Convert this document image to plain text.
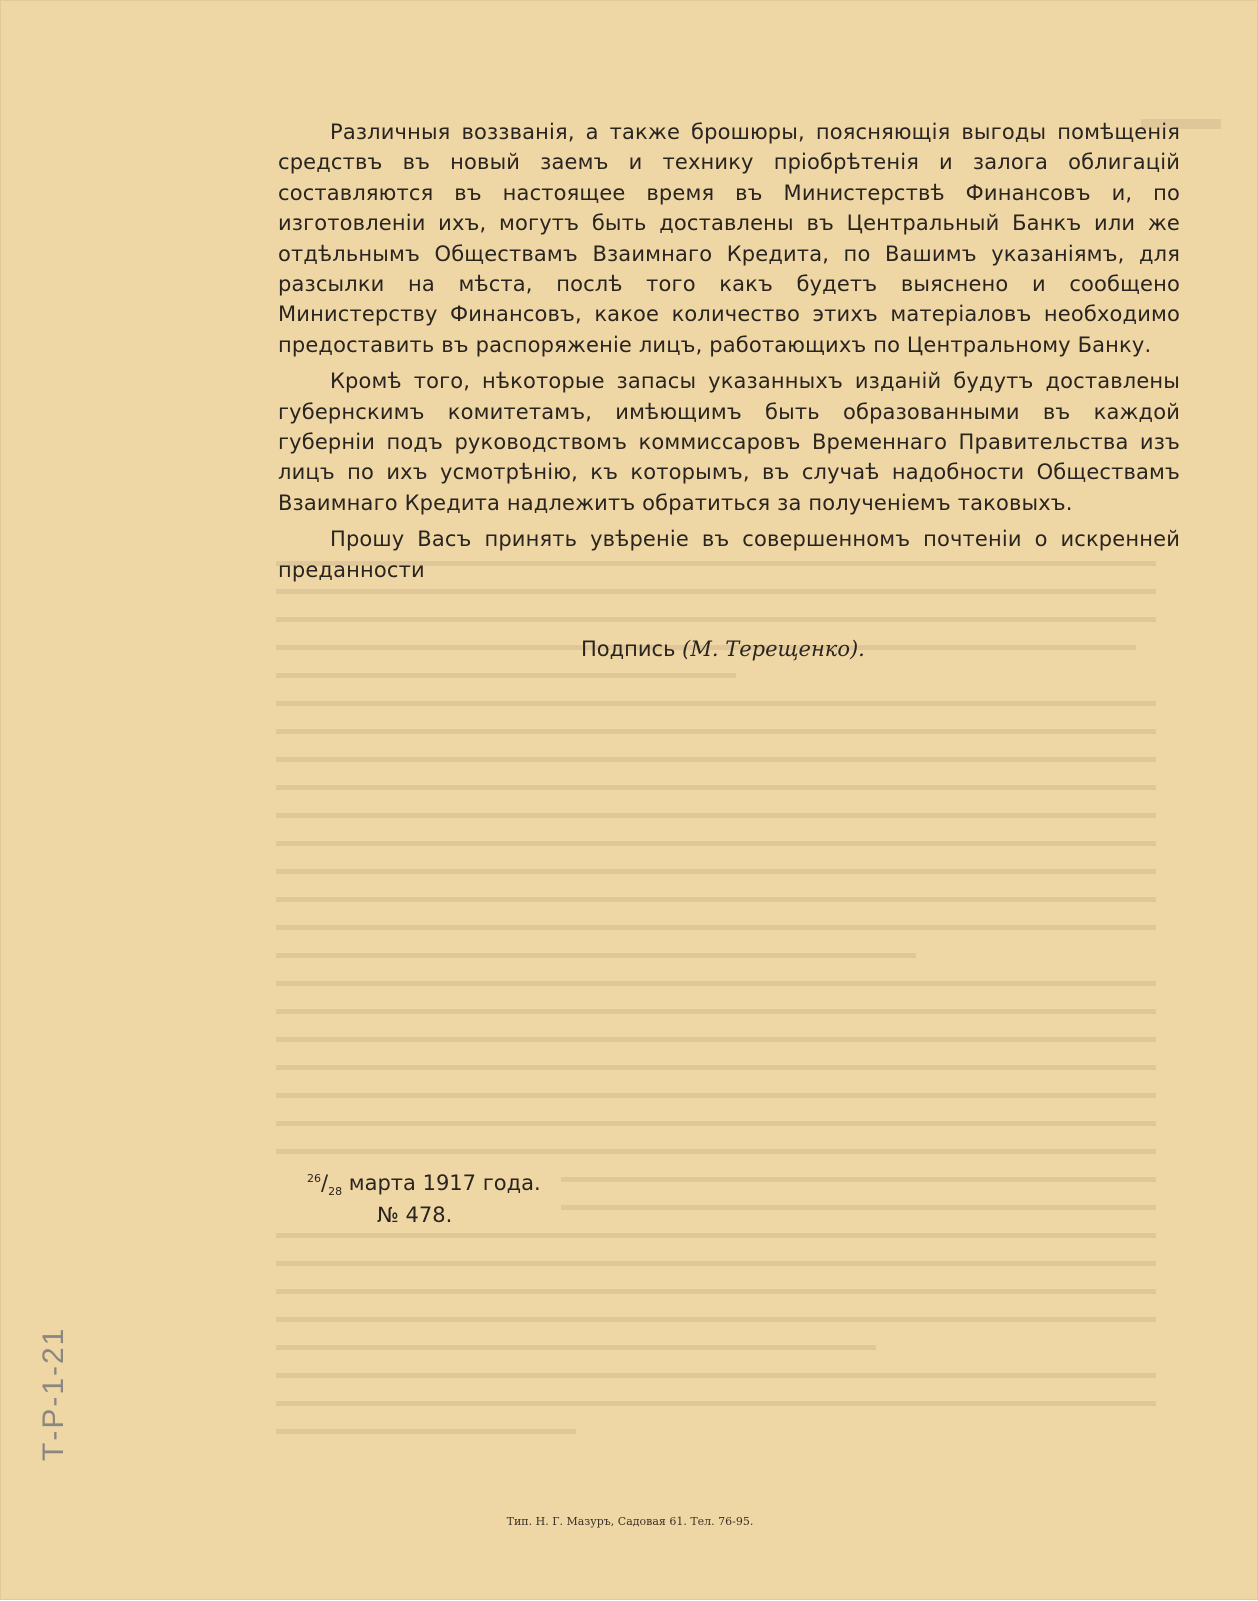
Различныя воззванія, а также брошюры, поясняющія выгоды помѣщенія средствъ въ новый заемъ и технику пріобрѣтенія и залога облигацій составляются въ настоящее время въ Министерствѣ Финансовъ и, по изготовленіи ихъ, могутъ быть доставлены въ Центральный Банкъ или же отдѣльнымъ Обществамъ Взаимнаго Кредита, по Вашимъ указаніямъ, для разсылки на мѣста, послѣ того какъ будетъ выяснено и сообщено Министерству Финансовъ, какое количество этихъ матеріаловъ необходимо предоставить въ распоряженіе лицъ, работающихъ по Центральному Банку.

Кромѣ того, нѣкоторые запасы указанныхъ изданій будутъ доставлены губернскимъ комитетамъ, имѣющимъ быть образованными въ каждой губерніи подъ руководствомъ коммиссаровъ Временнаго Правительства изъ лицъ по ихъ усмотрѣнію, къ которымъ, въ случаѣ надобности Обществамъ Взаимнаго Кредита надлежитъ обратиться за полученіемъ таковыхъ.

Прошу Васъ принять увѣреніе въ совершенномъ почтеніи о искренней преданности

Подпись (М. Терещенко).
$^{26}/_{28}$ марта 1917 года.
№ 478.
Т-Р-1-21
Тип. Н. Г. Мазуръ, Садовая 61. Тел. 76-95.
